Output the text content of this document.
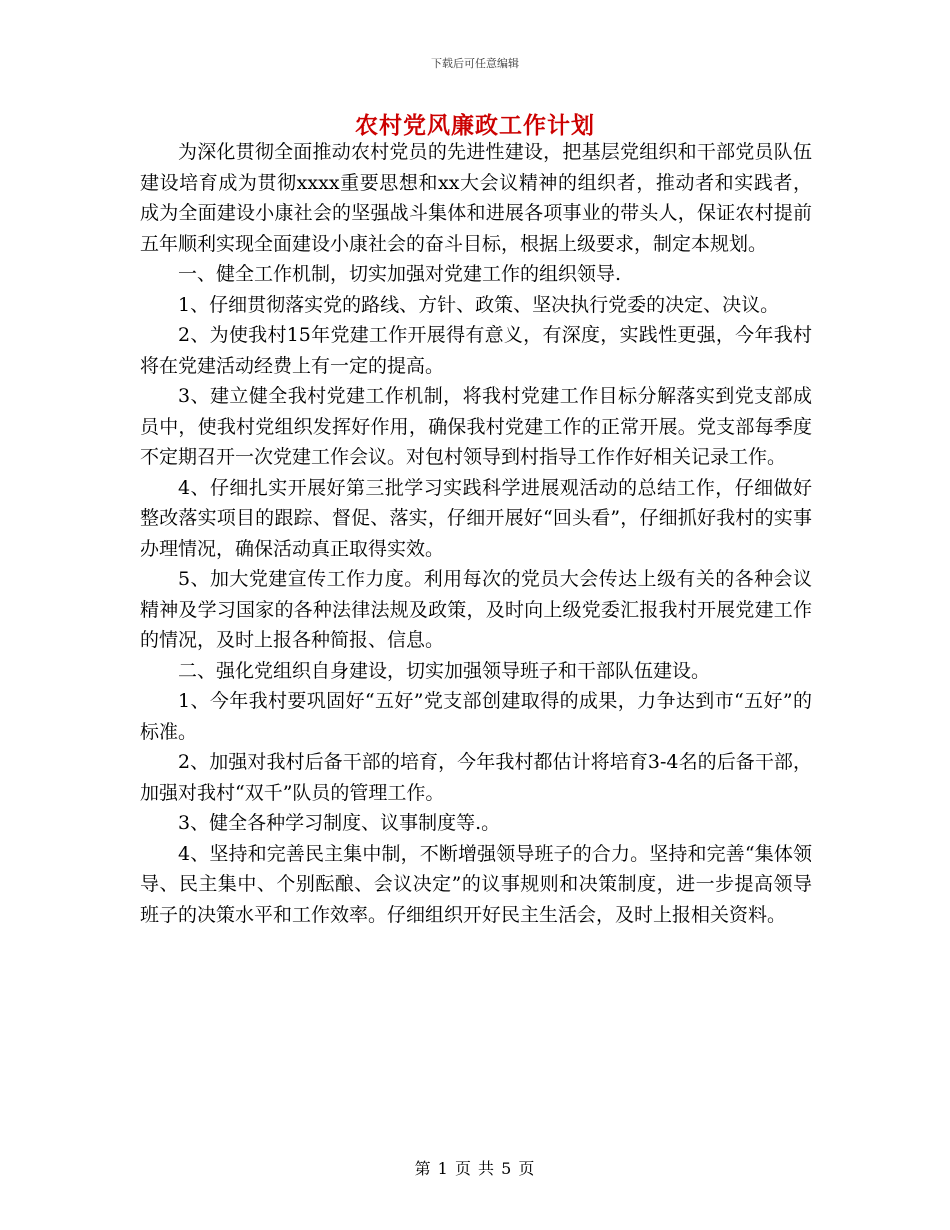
下载后可任意编辑
农村党风廉政工作计划

为深化贯彻全面推动农村党员的先进性建设，把基层党组织和干部党员队伍建设培育成为贯彻xxxx重要思想和xx大会议精神的组织者，推动者和实践者，成为全面建设小康社会的坚强战斗集体和进展各项事业的带头人，保证农村提前五年顺利实现全面建设小康社会的奋斗目标，根据上级要求，制定本规划。

一、健全工作机制，切实加强对党建工作的组织领导.

1、仔细贯彻落实党的路线、方针、政策、坚决执行党委的决定、决议。

2、为使我村15年党建工作开展得有意义，有深度，实践性更强，今年我村将在党建活动经费上有一定的提高。

3、建立健全我村党建工作机制，将我村党建工作目标分解落实到党支部成员中，使我村党组织发挥好作用，确保我村党建工作的正常开展。党支部每季度不定期召开一次党建工作会议。对包村领导到村指导工作作好相关记录工作。

4、仔细扎实开展好第三批学习实践科学进展观活动的总结工作，仔细做好整改落实项目的跟踪、督促、落实，仔细开展好“回头看”，仔细抓好我村的实事办理情况，确保活动真正取得实效。

5、加大党建宣传工作力度。利用每次的党员大会传达上级有关的各种会议精神及学习国家的各种法律法规及政策，及时向上级党委汇报我村开展党建工作的情况，及时上报各种简报、信息。

二、强化党组织自身建设，切实加强领导班子和干部队伍建设。

1、今年我村要巩固好“五好”党支部创建取得的成果，力争达到市“五好”的标准。

2、加强对我村后备干部的培育，今年我村都估计将培育3-4名的后备干部，加强对我村“双千”队员的管理工作。

3、健全各种学习制度、议事制度等.。

4、坚持和完善民主集中制，不断增强领导班子的合力。坚持和完善“集体领导、民主集中、个别酝酿、会议决定”的议事规则和决策制度，进一步提高领导班子的决策水平和工作效率。仔细组织开好民主生活会，及时上报相关资料。

第 1 页 共 5 页
